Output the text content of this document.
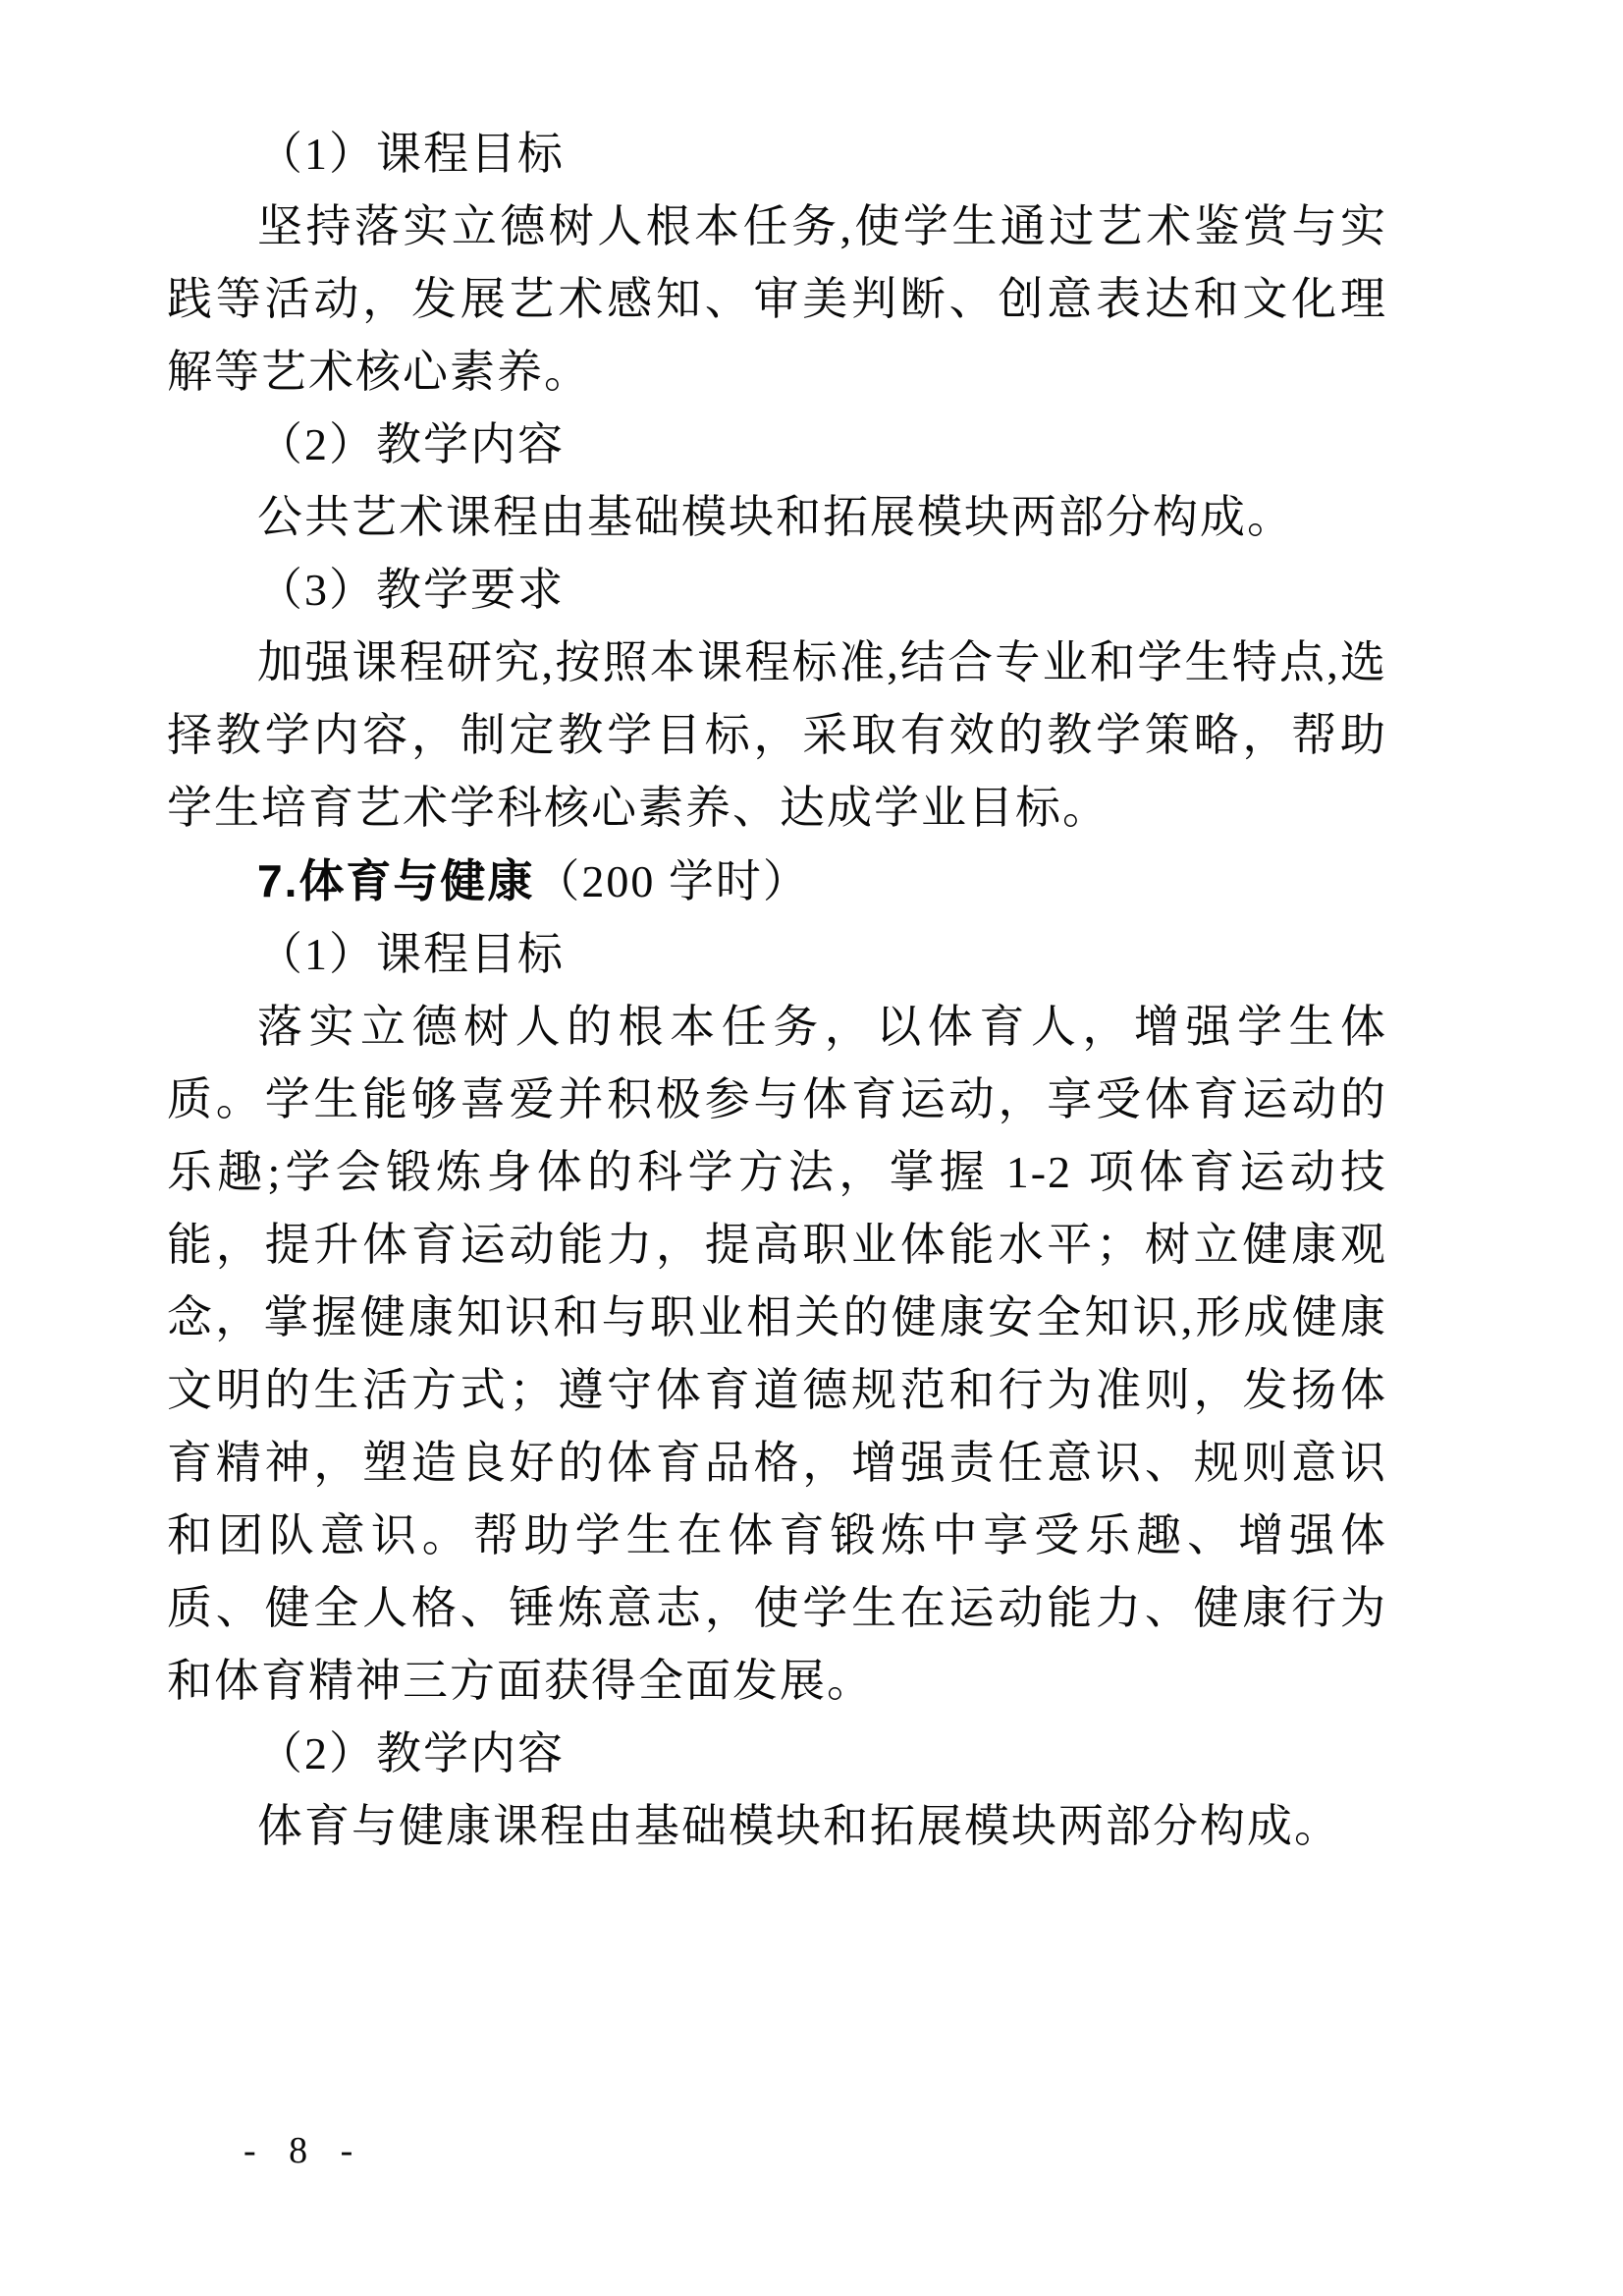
（1）课程目标

坚持落实立德树人根本任务,使学生通过艺术鉴赏与实践等活动，发展艺术感知、审美判断、创意表达和文化理解等艺术核心素养。

（2）教学内容

公共艺术课程由基础模块和拓展模块两部分构成。

（3）教学要求

加强课程研究,按照本课程标准,结合专业和学生特点,选择教学内容，制定教学目标，采取有效的教学策略，帮助学生培育艺术学科核心素养、达成学业目标。

7.体育与健康（200 学时）

（1）课程目标

落实立德树人的根本任务，以体育人，增强学生体质。学生能够喜爱并积极参与体育运动，享受体育运动的乐趣;学会锻炼身体的科学方法，掌握 1-2 项体育运动技能，提升体育运动能力，提高职业体能水平；树立健康观念，掌握健康知识和与职业相关的健康安全知识,形成健康文明的生活方式；遵守体育道德规范和行为准则，发扬体育精神，塑造良好的体育品格，增强责任意识、规则意识和团队意识。帮助学生在体育锻炼中享受乐趣、增强体质、健全人格、锤炼意志，使学生在运动能力、健康行为和体育精神三方面获得全面发展。

（2）教学内容

体育与健康课程由基础模块和拓展模块两部分构成。

- 8 -
